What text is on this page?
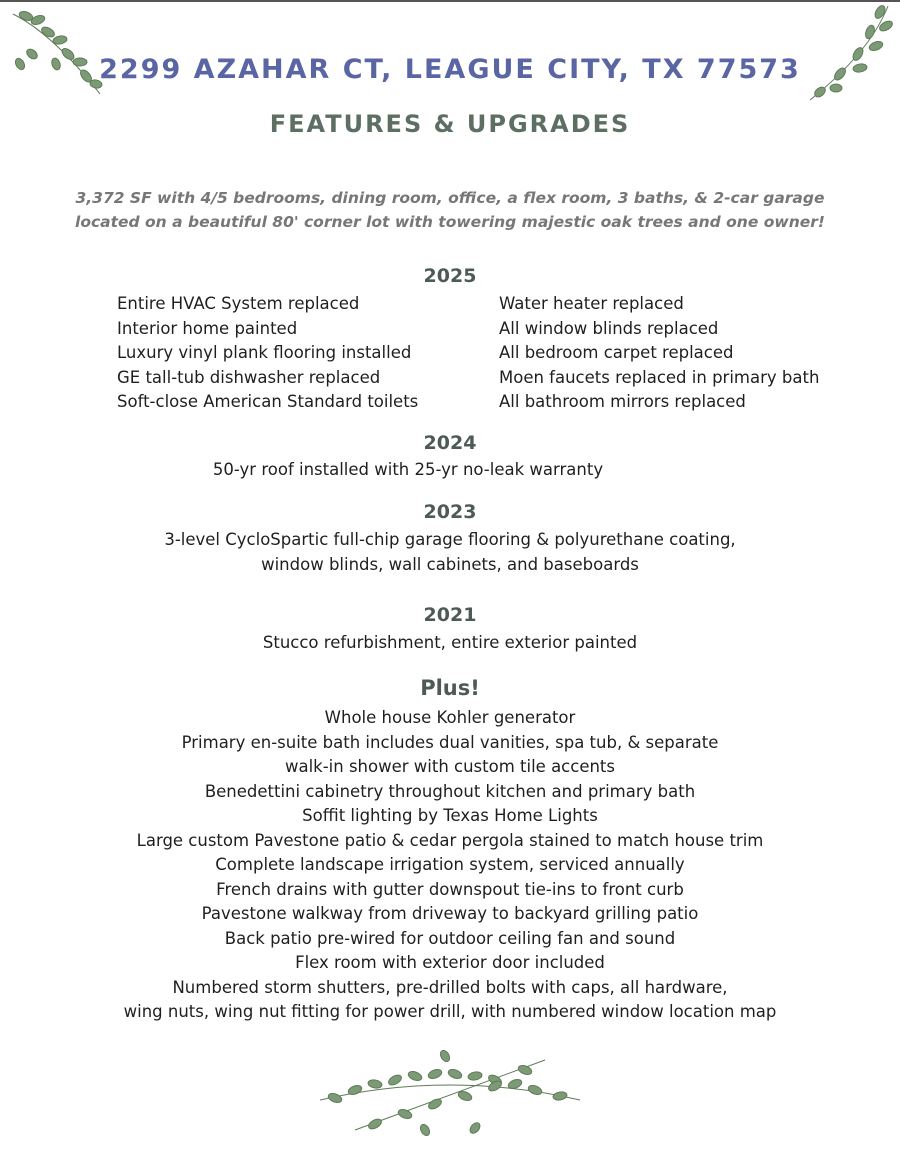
2299 AZAHAR CT, LEAGUE CITY, TX 77573
FEATURES & UPGRADES
3,372 SF with 4/5 bedrooms, dining room, office, a flex room, 3 baths, & 2-car garage
located on a beautiful 80' corner lot with towering majestic oak trees and one owner!
2025
Entire HVAC System replaced
Interior home painted
Luxury vinyl plank flooring installed
GE tall-tub dishwasher replaced
Soft-close American Standard toilets
Water heater replaced
All window blinds replaced
All bedroom carpet replaced
Moen faucets replaced in primary bath
All bathroom mirrors replaced
2024
50-yr roof installed with 25-yr no-leak warranty
2023
3-level CycloSpartic full-chip garage flooring & polyurethane coating,
window blinds, wall cabinets, and baseboards
2021
Stucco refurbishment, entire exterior painted
Plus!
Whole house Kohler generator
Primary en-suite bath includes dual vanities, spa tub, & separate
walk-in shower with custom tile accents
Benedettini cabinetry throughout kitchen and primary bath
Soffit lighting by Texas Home Lights
Large custom Pavestone patio & cedar pergola stained to match house trim
Complete landscape irrigation system, serviced annually
French drains with gutter downspout tie-ins to front curb
Pavestone walkway from driveway to backyard grilling patio
Back patio pre-wired for outdoor ceiling fan and sound
Flex room with exterior door included
Numbered storm shutters, pre-drilled bolts with caps, all hardware,
wing nuts, wing nut fitting for power drill, with numbered window location map
